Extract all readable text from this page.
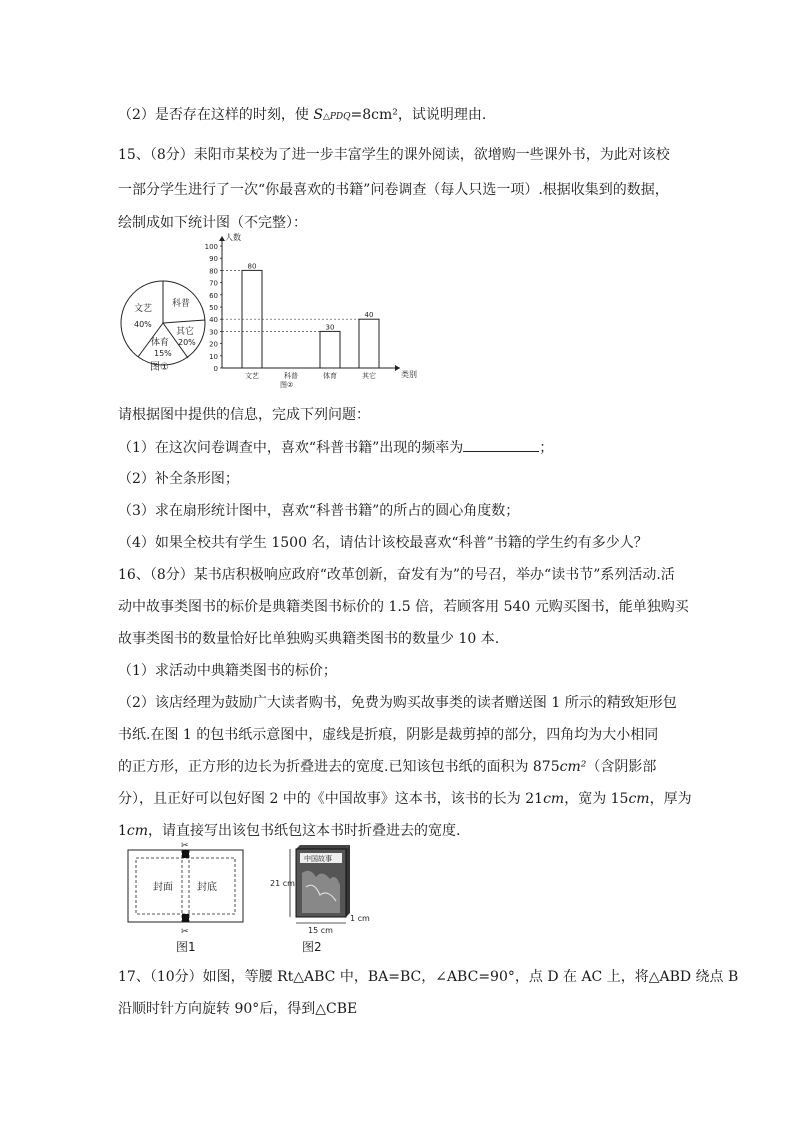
（2）是否存在这样的时刻，使 S△PDQ=8cm²，试说明理由.
15、（8分）耒阳市某校为了进一步丰富学生的课外阅读，欲增购一些课外书，为此对该校
一部分学生进行了一次“你最喜欢的书籍”问卷调查（每人只选一项）.根据收集到的数据，
绘制成如下统计图（不完整）：
文艺
40%
科普
其它
20%
体育
15%
图①
人数
类别
0
10
20
30
40
50
60
70
80
90
100
80
文艺	科普
30
体育
40
其它
图②
请根据图中提供的信息，完成下列问题：
（1）在这次问卷调查中，喜欢“科普书籍”出现的频率为	；
（2）补全条形图；
（3）求在扇形统计图中，喜欢“科普书籍”的所占的圆心角度数；
（4）如果全校共有学生 1500 名，请估计该校最喜欢“科普”书籍的学生约有多少人？
16、（8分）某书店积极响应政府“改革创新，奋发有为”的号召，举办“读书节”系列活动.活
动中故事类图书的标价是典籍类图书标价的 1.5 倍，若顾客用 540 元购买图书，能单独购买
故事类图书的数量恰好比单独购买典籍类图书的数量少 10 本.
（1）求活动中典籍类图书的标价；
（2）该店经理为鼓励广大读者购书，免费为购买故事类的读者赠送图 1 所示的精致矩形包
书纸.在图 1 的包书纸示意图中，虚线是折痕，阴影是裁剪掉的部分，四角均为大小相同
的正方形，正方形的边长为折叠进去的宽度.已知该包书纸的面积为 875cm²（含阴影部
分），且正好可以包好图 2 中的《中国故事》这本书，该书的长为 21cm，宽为 15cm，厚为
1cm，请直接写出该包书纸包这本书时折叠进去的宽度.
✂
✂
封面 封底
图1
中国故事
21 cm
15 cm
1 cm
图2
17、（10分）如图，等腰 Rt△ABC 中，BA=BC，∠ABC=90°，点 D 在 AC 上，将△ABD 绕点 B
沿顺时针方向旋转 90°后，得到△CBE
